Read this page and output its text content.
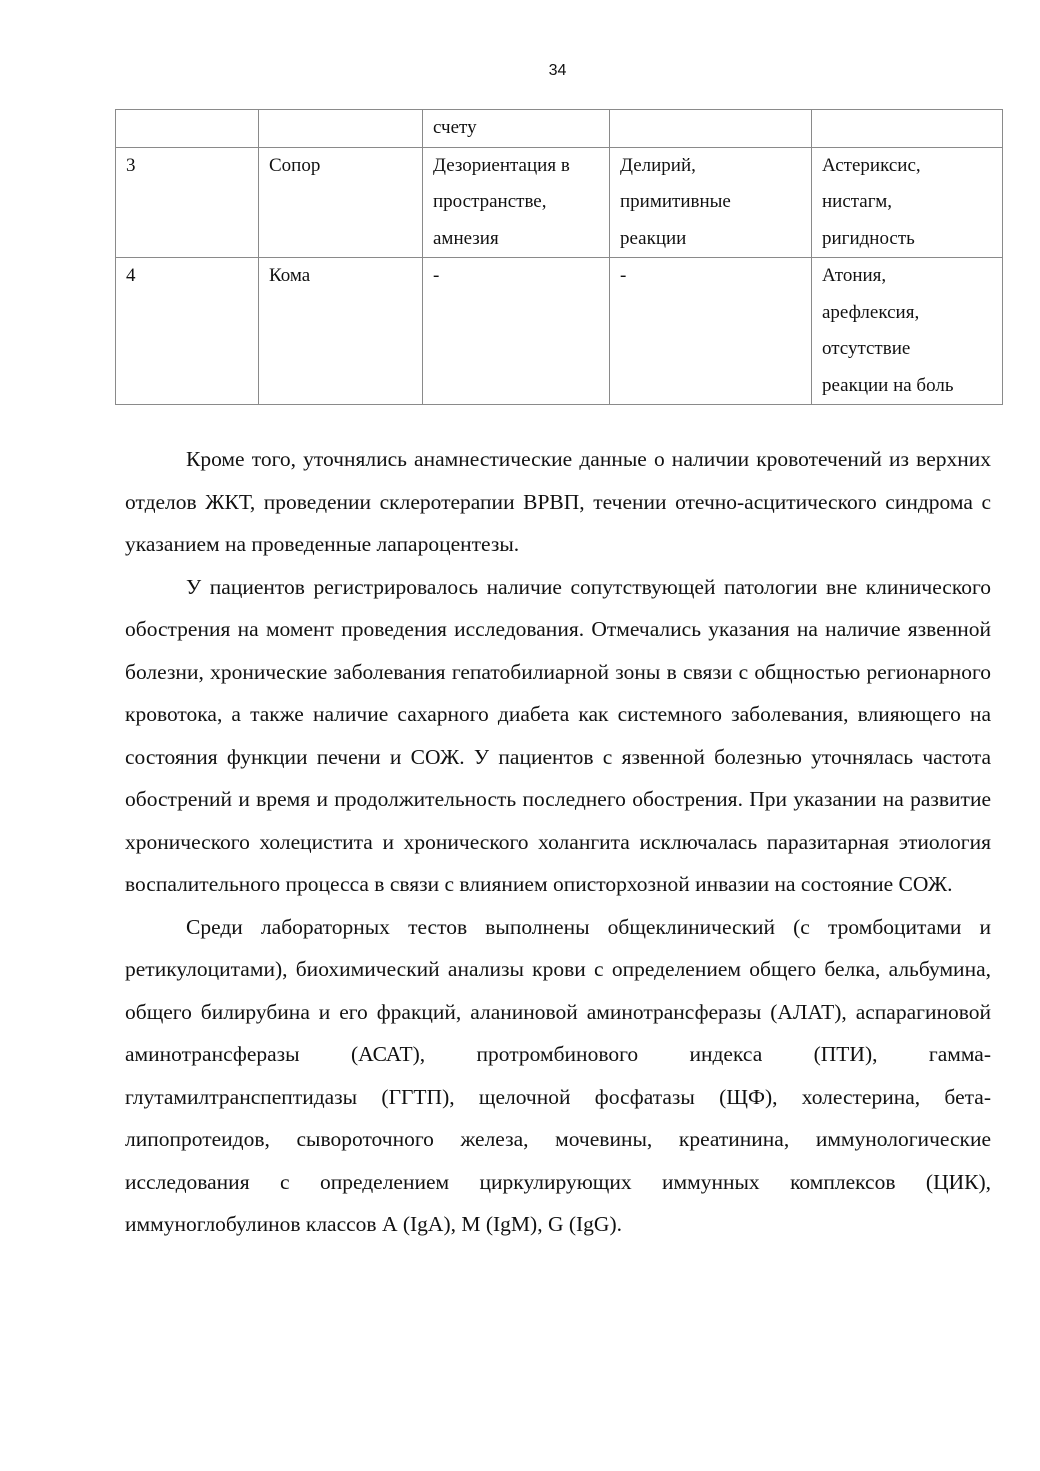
34

		счету		

3	Сопор	Дезориентация в
пространстве,
амнезия	Делирий,
примитивные
реакции	Астериксис,
нистагм,
ригидность

4	Кома	-	-	Атония,
арефлексия,
отсутствие
реакции на боль

Кроме того, уточнялись анамнестические данные о наличии кровотечений из верхних отделов ЖКТ, проведении склеротерапии ВРВП, течении отечно-асцитического синдрома с указанием на проведенные лапароцентезы.

У пациентов регистрировалось наличие сопутствующей патологии вне клинического обострения на момент проведения исследования. Отмечались указания на наличие язвенной болезни, хронические заболевания гепатобилиарной зоны в связи с общностью регионарного кровотока, а также наличие сахарного диабета как системного заболевания, влияющего на состояния функции печени и СОЖ. У пациентов с язвенной болезнью уточнялась частота обострений и время и продолжительность последнего обострения. При указании на развитие хронического холецистита и хронического холангита исключалась паразитарная этиология воспалительного процесса в связи с влиянием описторхозной инвазии на состояние СОЖ.

Среди лабораторных тестов выполнены общеклинический (с тромбоцитами и ретикулоцитами), биохимический анализы крови с определением общего белка, альбумина, общего билирубина и его фракций, аланиновой аминотрансферазы (АЛАТ), аспарагиновой аминотрансферазы (АСАТ), протромбинового индекса (ПТИ), гамма-глутамилтранспептидазы (ГГТП), щелочной фосфатазы (ЩФ), холестерина, бета-липопротеидов, сывороточного железа, мочевины, креатинина, иммунологические исследования с определением циркулирующих иммунных комплексов (ЦИК), иммуноглобулинов классов А (IgA), М (IgM), G (IgG).
